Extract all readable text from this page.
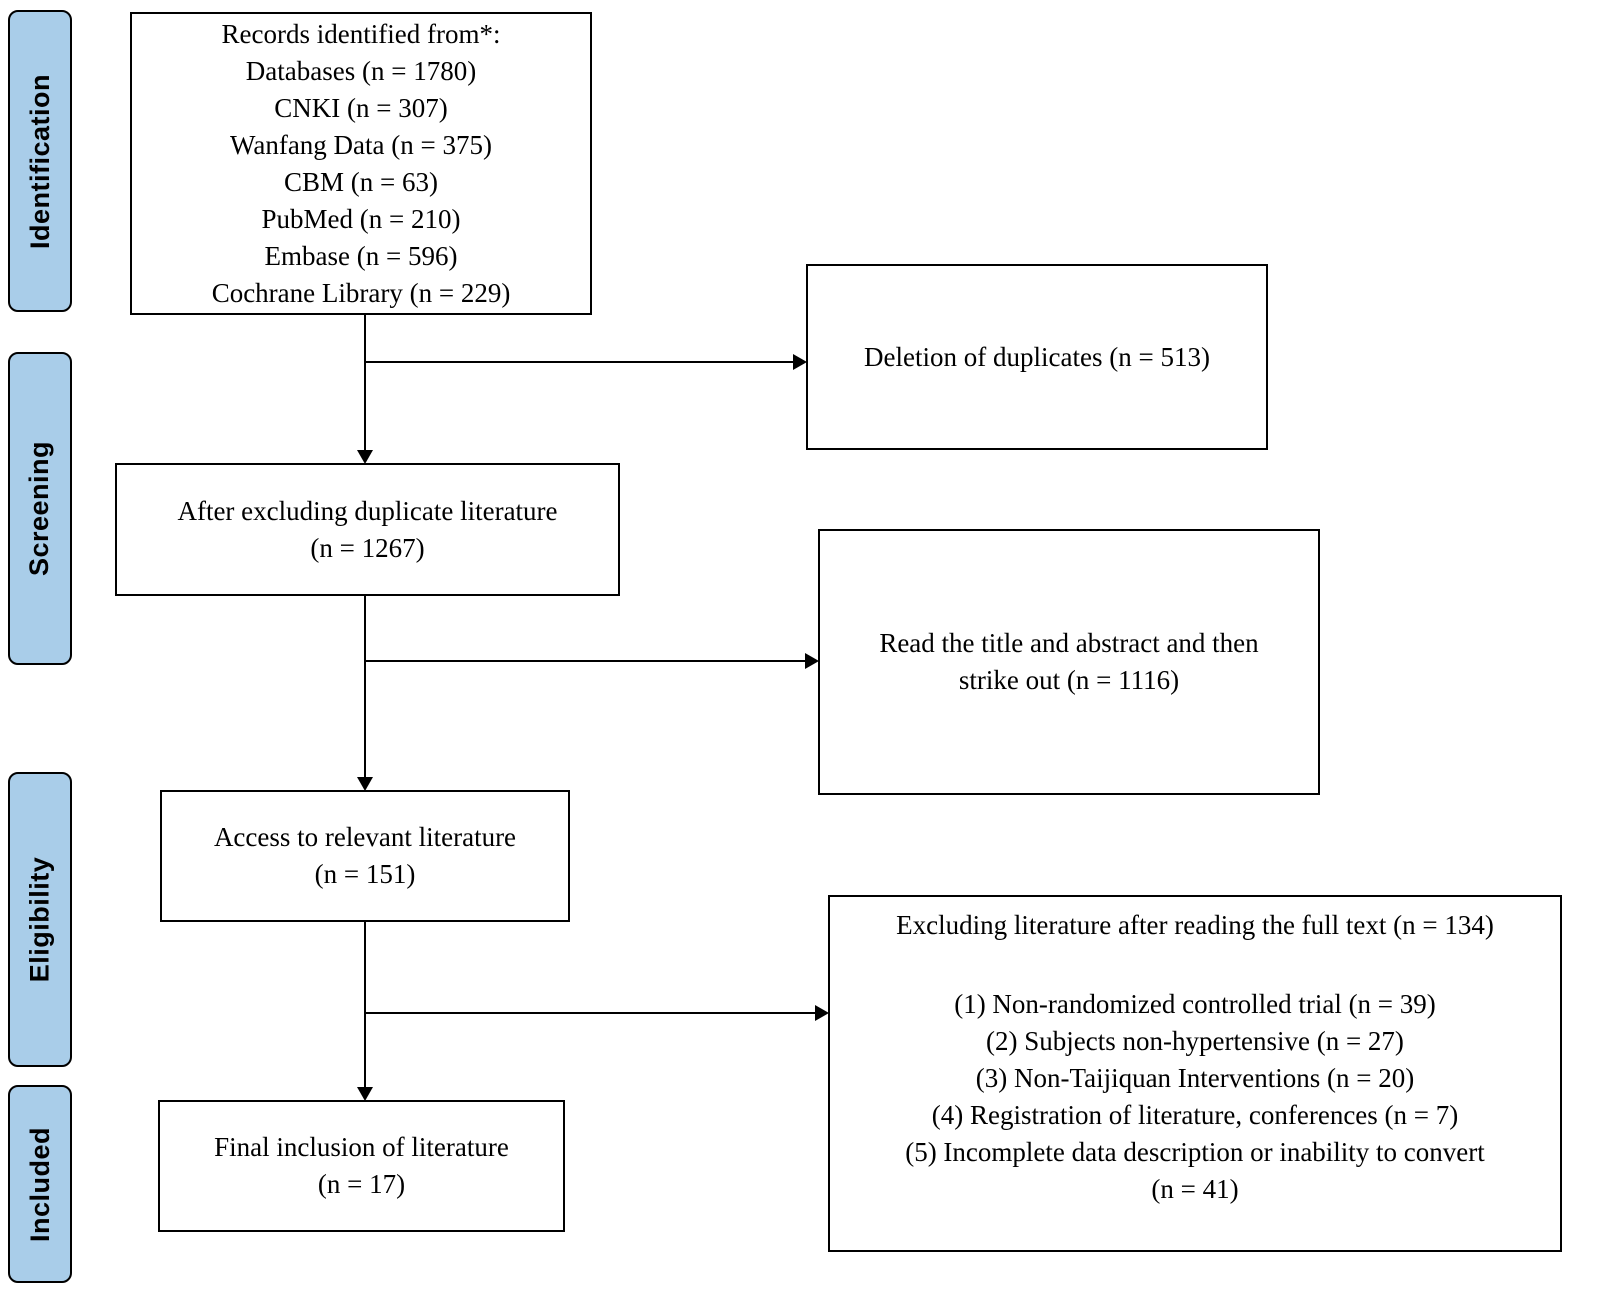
Identification
Screening
Eligibility
Included
Records identified from*:
Databases (n = 1780)
CNKI (n = 307)
Wanfang Data (n = 375)
CBM (n = 63)
PubMed (n = 210)
Embase (n = 596)
Cochrane Library (n = 229)
Deletion of duplicates (n = 513)
After excluding duplicate literature
(n = 1267)
Read the title and abstract and then
strike out (n = 1116)
Access to relevant literature
(n = 151)
Excluding literature after reading the full text (n = 134)
(1) Non-randomized controlled trial (n = 39)
(2) Subjects non-hypertensive (n = 27)
(3) Non-Taijiquan Interventions (n = 20)
(4) Registration of literature, conferences (n = 7)
(5) Incomplete data description or inability to convert
(n = 41)
Final inclusion of literature
(n = 17)
